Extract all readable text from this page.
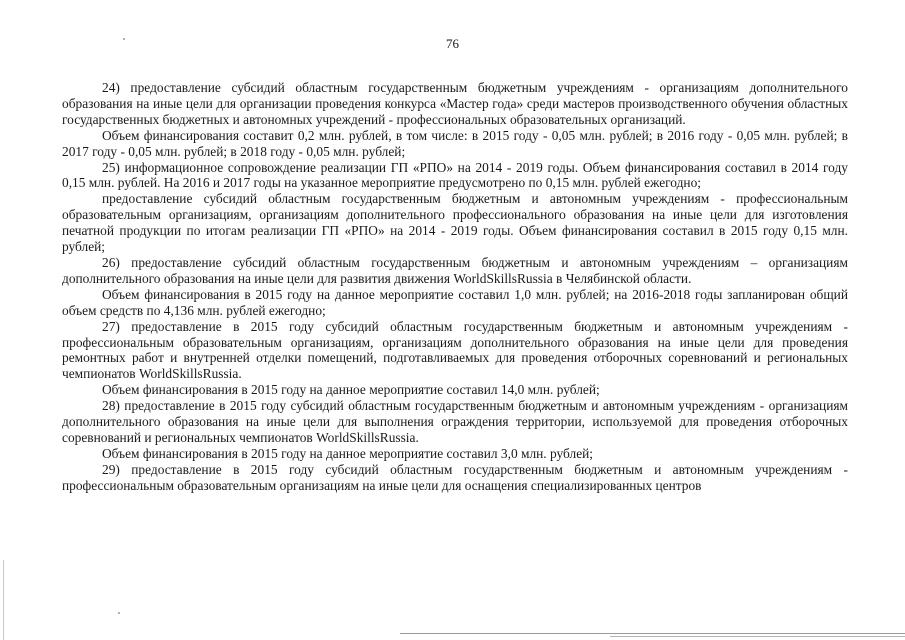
76

24) предоставление субсидий областным государственным бюджетным учреждениям - организациям дополнительного образования на иные цели для организации проведения конкурса «Мастер года» среди мастеров производственного обучения областных государственных бюджетных и автономных учреждений - профессиональных образовательных организаций.

Объем финансирования составит 0,2 млн. рублей, в том числе: в 2015 году - 0,05 млн. рублей; в 2016 году - 0,05 млн. рублей; в 2017 году - 0,05 млн. рублей; в 2018 году - 0,05 млн. рублей;

25) информационное сопровождение реализации ГП «РПО» на 2014 - 2019 годы. Объем финансирования составил в 2014 году 0,15 млн. рублей. На 2016 и 2017 годы на указанное мероприятие предусмотрено по 0,15 млн. рублей ежегодно;

предоставление субсидий областным государственным бюджетным и автономным учреждениям - профессиональным образовательным организациям, организациям дополнительного профессионального образования на иные цели для изготовления печатной продукции по итогам реализации ГП «РПО» на 2014 - 2019 годы. Объем финансирования составил в 2015 году 0,15 млн. рублей;

26) предоставление субсидий областным государственным бюджетным и автономным учреждениям – организациям дополнительного образования на иные цели для развития движения WorldSkillsRussia в Челябинской области.

Объем финансирования в 2015 году на данное мероприятие составил 1,0 млн. рублей; на 2016-2018 годы запланирован общий объем средств по 4,136 млн. рублей ежегодно;

27) предоставление в 2015 году субсидий областным государственным бюджетным и автономным учреждениям - профессиональным образовательным организациям, организациям дополнительного образования на иные цели для проведения ремонтных работ и внутренней отделки помещений, подготавливаемых для проведения отборочных соревнований и региональных чемпионатов WorldSkillsRussia.

Объем финансирования в 2015 году на данное мероприятие составил 14,0 млн. рублей;

28) предоставление в 2015 году субсидий областным государственным бюджетным и автономным учреждениям - организациям дополнительного образования на иные цели для выполнения ограждения территории, используемой для проведения отборочных соревнований и региональных чемпионатов WorldSkillsRussia.

Объем финансирования в 2015 году на данное мероприятие составил 3,0 млн. рублей;

29) предоставление в 2015 году субсидий областным государственным бюджетным и автономным учреждениям - профессиональным образовательным организациям на иные цели для оснащения специализированных центров
